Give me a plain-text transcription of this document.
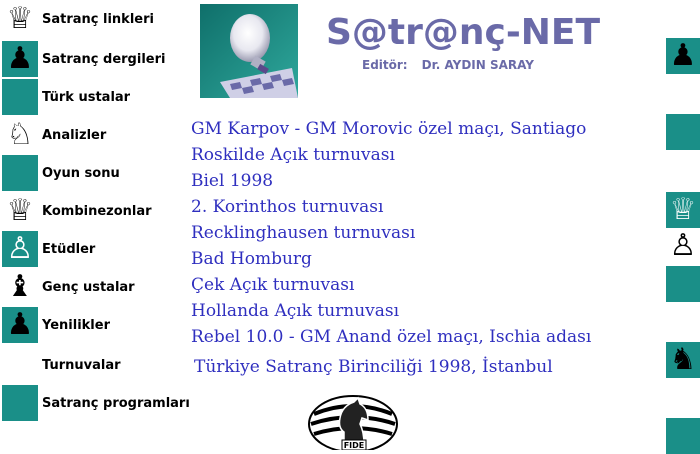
♕ Satranç linkleri
♟ Satranç dergileri
Türk ustalar
♘ Analizler
Oyun sonu
♕ Kombinezonlar
♙ Etüdler
♝ Genç ustalar
♟ Yenilikler
Turnuvalar
Satranç programları
S@tr@nç-NET
Editör: Dr. AYDIN SARAY
GM Karpov - GM Morovic özel maçı, Santiago
Roskilde Açık turnuvası
Biel 1998
2. Korinthos turnuvası
Recklinghausen turnuvası
Bad Homburg
Çek Açık turnuvası
Hollanda Açık turnuvası
Rebel 10.0 - GM Anand özel maçı, Ischia adası
Türkiye Satranç Birinciliği 1998, İstanbul
FIDE
♟
♕
♙
♞
